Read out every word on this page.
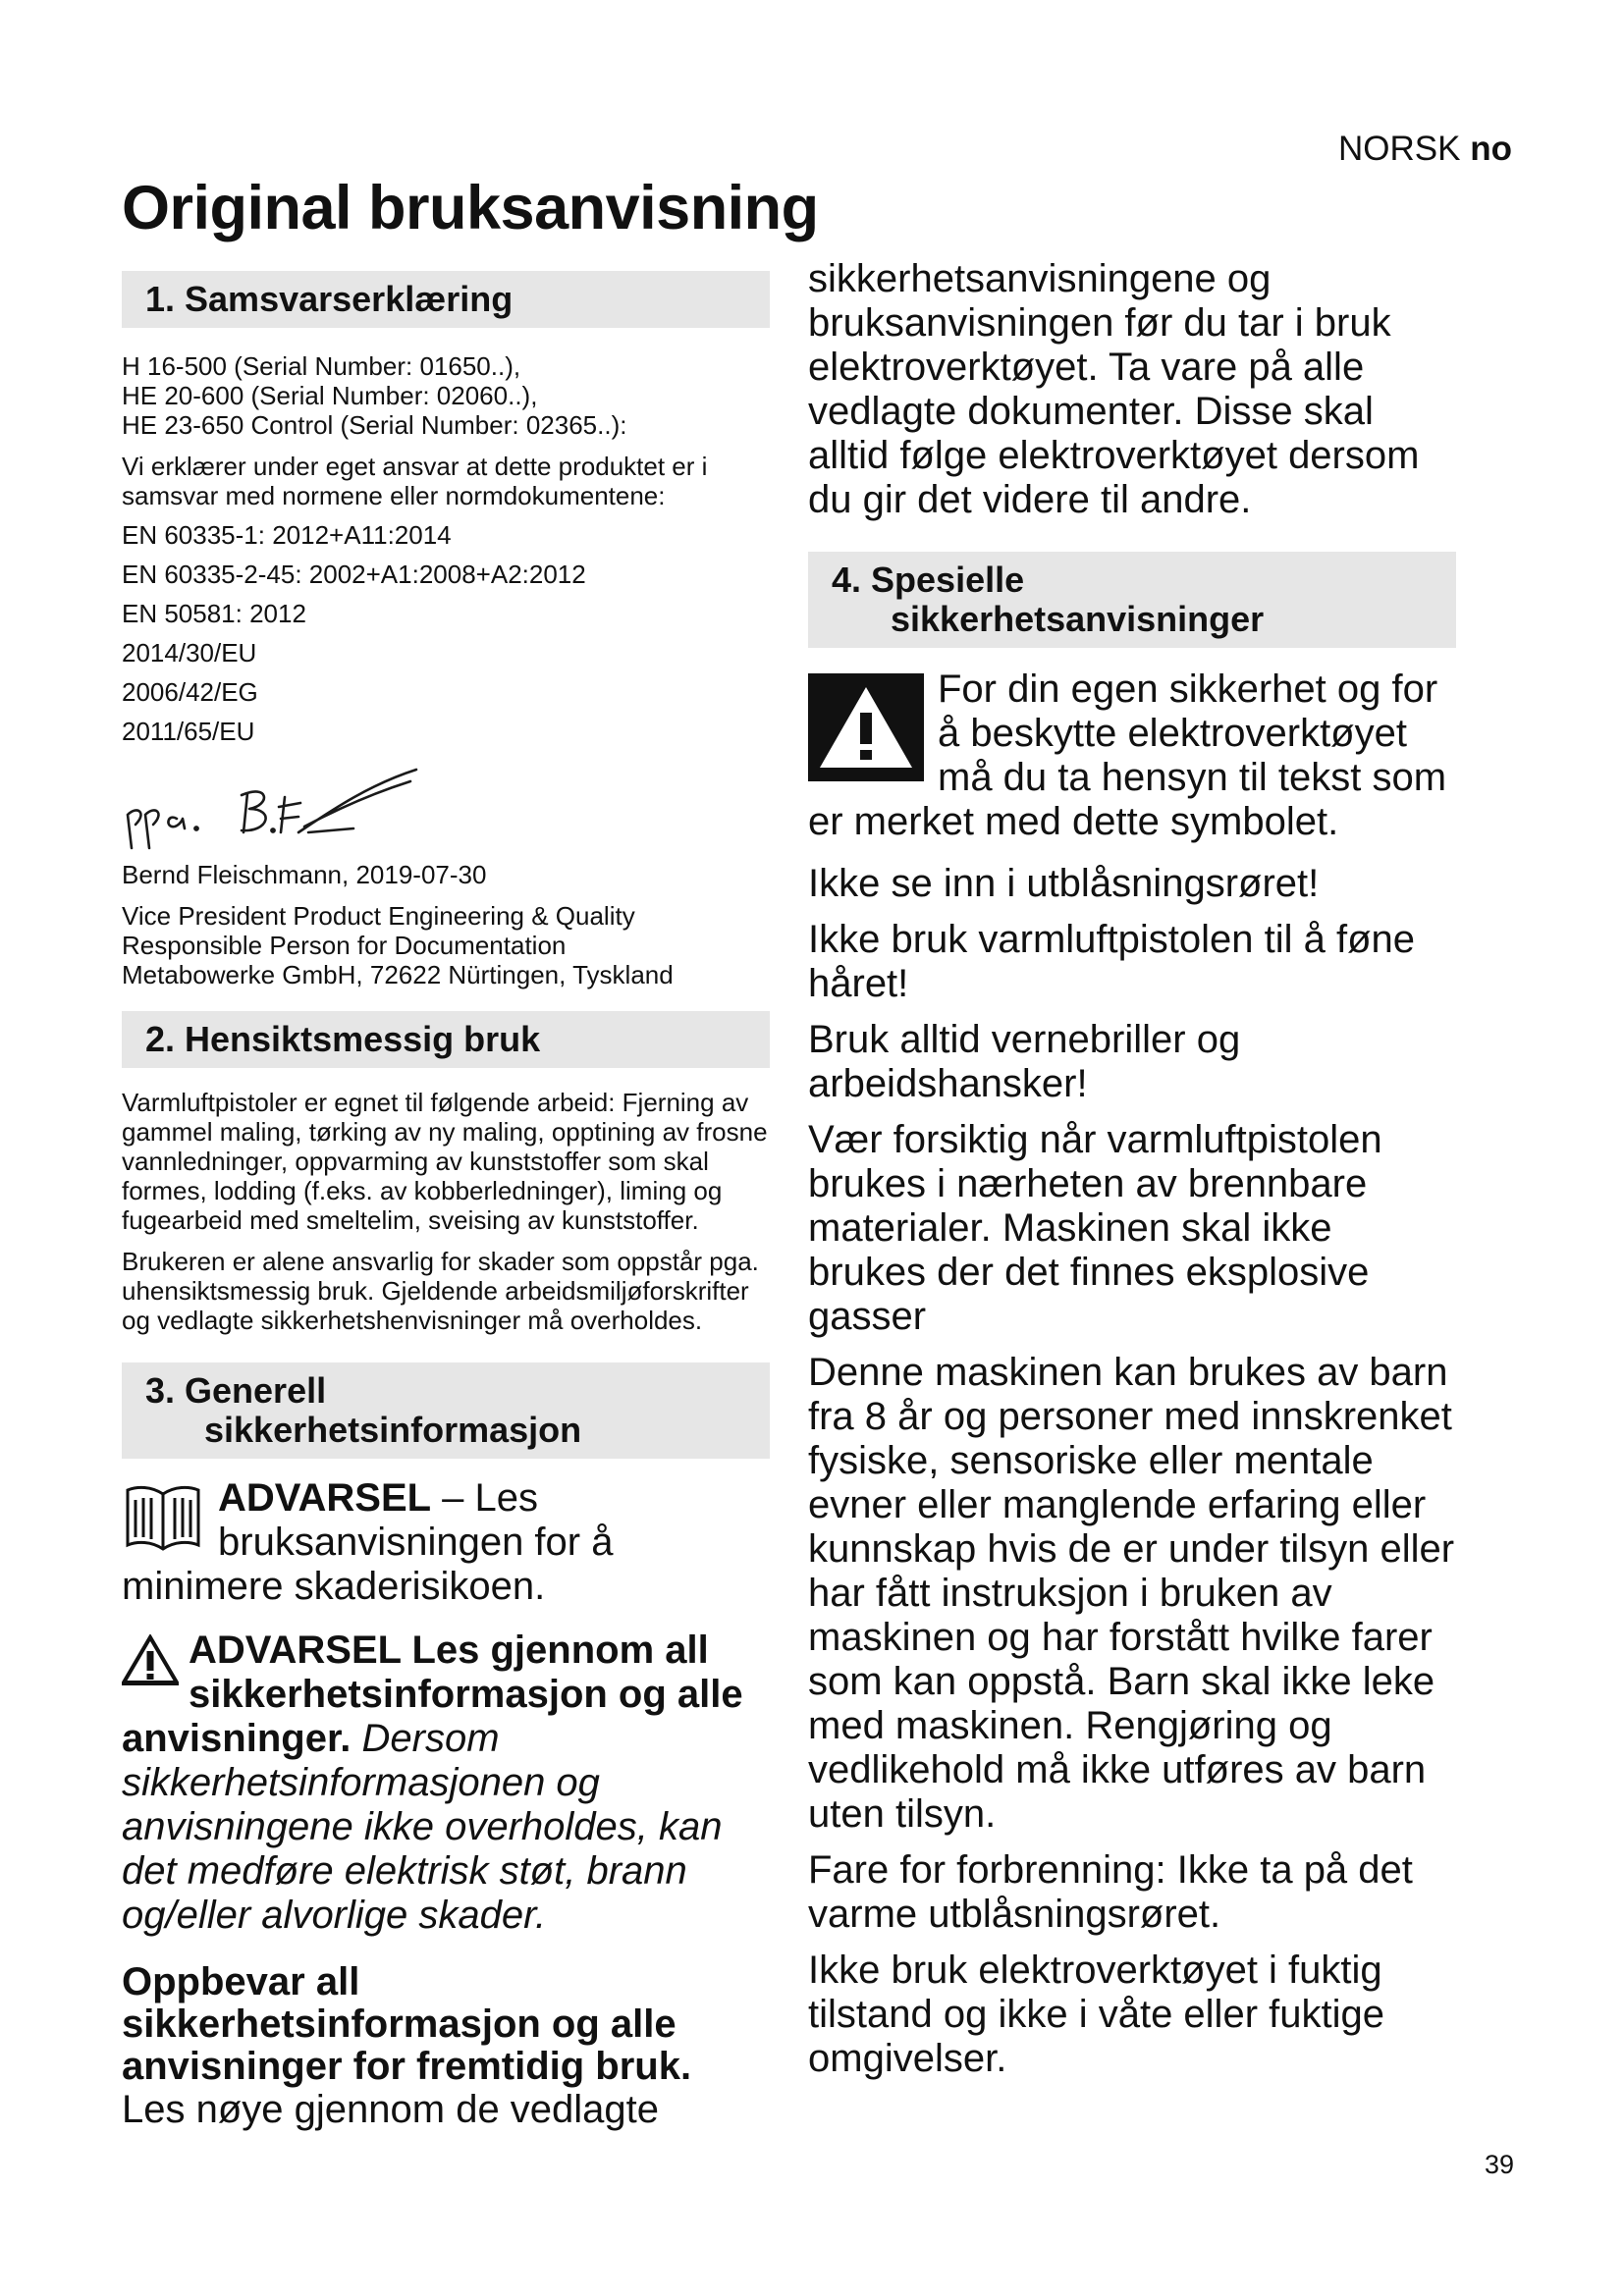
NORSK no
Original bruksanvisning
1. Samsvarserklæring

H 16-500 (Serial Number: 01650..),

HE 20-600 (Serial Number: 02060..),

HE 23-650 Control (Serial Number: 02365..):

Vi erklærer under eget ansvar at dette produktet er i samsvar med normene eller normdokumentene:

EN 60335-1: 2012+A11:2014

EN 60335-2-45: 2002+A1:2008+A2:2012

EN 50581: 2012

2014/30/EU

2006/42/EG

2011/65/EU

Bernd Fleischmann, 2019-07-30

Vice President Product Engineering & Quality

Responsible Person for Documentation

Metabowerke GmbH, 72622 Nürtingen, Tyskland

2. Hensiktsmessig bruk

Varmluftpistoler er egnet til følgende arbeid: Fjerning av gammel maling, tørking av ny maling, opptining av frosne vannledninger, oppvarming av kunststoffer som skal formes, lodding (f.eks. av kobberledninger), liming og fugearbeid med smeltelim, sveising av kunststoffer.

Brukeren er alene ansvarlig for skader som oppstår pga. uhensiktsmessig bruk. Gjeldende arbeidsmiljøforskrifter og vedlagte sikkerhetshenvisninger må overholdes.

3. Generell
sikkerhetsinformasjon
ADVARSEL – Les bruksanvisningen for å minimere skaderisikoen.
ADVARSEL Les gjennom all sikkerhetsinformasjon og alle anvisninger. Dersom sikkerhetsinformasjonen og anvisningene ikke overholdes, kan det medføre elektrisk støt, brann og/eller alvorlige skader.

Oppbevar all sikkerhetsinformasjon og alle anvisninger for fremtidig bruk.

Les nøye gjennom de vedlagte

sikkerhetsanvisningene og bruksanvisningen før du tar i bruk elektroverktøyet. Ta vare på alle vedlagte dokumenter. Disse skal alltid følge elektroverktøyet dersom du gir det videre til andre.

4. Spesielle
sikkerhetsanvisninger
For din egen sikkerhet og for å beskytte elektroverktøyet må du ta hensyn til tekst som er merket med dette symbolet.

Ikke se inn i utblåsningsrøret!

Ikke bruk varmluftpistolen til å føne håret!

Bruk alltid vernebriller og arbeidshansker!

Vær forsiktig når varmluftpistolen brukes i nærheten av brennbare materialer. Maskinen skal ikke brukes der det finnes eksplosive gasser

Denne maskinen kan brukes av barn fra 8 år og personer med innskrenket fysiske, sensoriske eller mentale evner eller manglende erfaring eller kunnskap hvis de er under tilsyn eller har fått instruksjon i bruken av maskinen og har forstått hvilke farer som kan oppstå. Barn skal ikke leke med maskinen. Rengjøring og vedlikehold må ikke utføres av barn uten tilsyn.

Fare for forbrenning: Ikke ta på det varme utblåsningsrøret.

Ikke bruk elektroverktøyet i fuktig tilstand og ikke i våte eller fuktige omgivelser.

39
